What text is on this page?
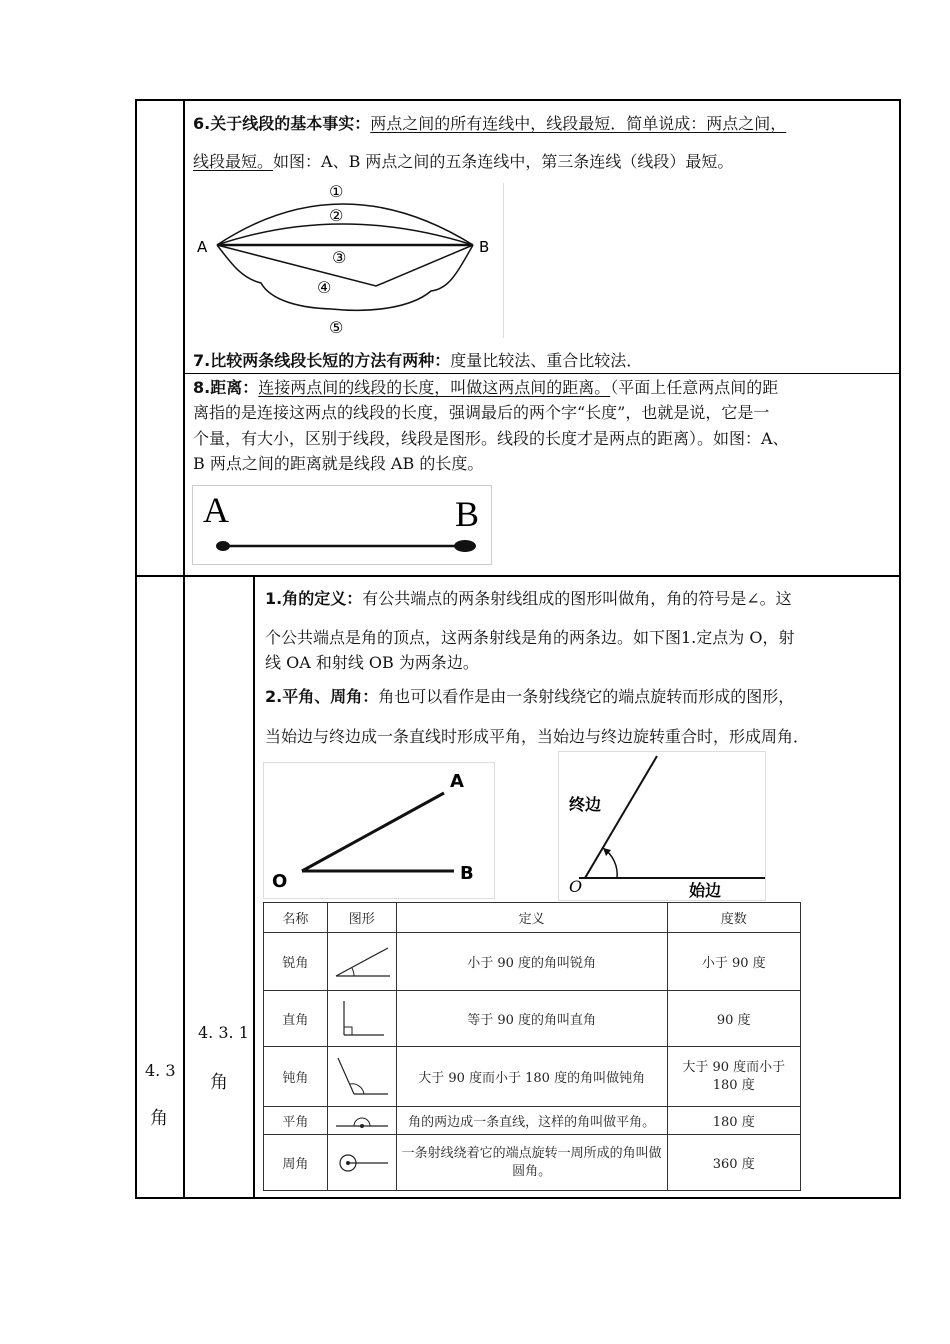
6.关于线段的基本事实：两点之间的所有连线中，线段最短．简单说成：两点之间，
线段最短。如图：A、B 两点之间的五条连线中，第三条连线（线段）最短。
A	B
①
②
③
④
⑤
7.比较两条线段长短的方法有两种：度量比较法、重合比较法．
8.距离：连接两点间的线段的长度，叫做这两点间的距离。（平面上任意两点间的距
离指的是连接这两点的线段的长度，强调最后的两个字“长度”，也就是说，它是一
个量，有大小，区别于线段，线段是图形。线段的长度才是两点的距离）。如图：A、
B 两点之间的距离就是线段 AB 的长度。
A	B
4. 3
角
4. 3. 1
角
1.角的定义：有公共端点的两条射线组成的图形叫做角，角的符号是∠。这
个公共端点是角的顶点，这两条射线是角的两条边。如下图1.定点为 O，射
线 OA 和射线 OB 为两条边。
2.平角、周角：角也可以看作是由一条射线绕它的端点旋转而形成的图形，
当始边与终边成一条直线时形成平角，当始边与终边旋转重合时，形成周角．
O
A
B
终边
始边
O
名称	图形	定义	度数
锐角		小于 90 度的角叫锐角	小于 90 度
直角		等于 90 度的角叫直角	90 度
钝角		大于 90 度而小于 180 度的角叫做钝角	大于 90 度而小于 180 度
平角		角的两边成一条直线，这样的角叫做平角。	180 度
周角		一条射线绕着它的端点旋转一周所成的角叫做圆角。	360 度
